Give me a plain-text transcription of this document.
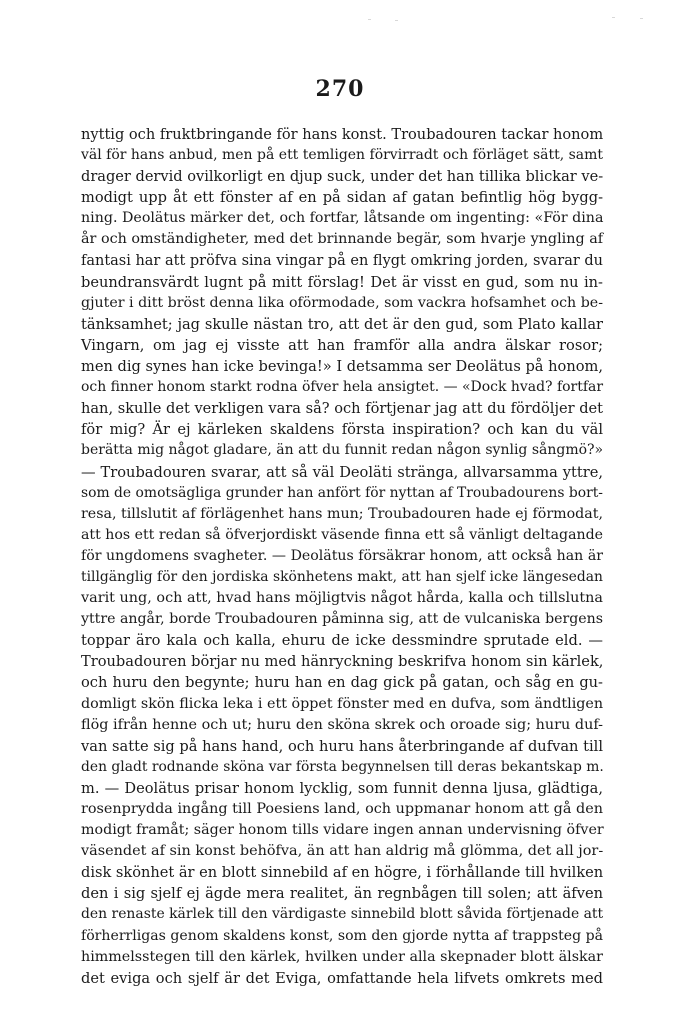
270
nyttig och fruktbringande för hans konst. Troubadouren tackar honom
väl för hans anbud, men på ett temligen förvirradt och förläget sätt, samt
drager dervid ovilkorligt en djup suck, under det han tillika blickar ve-
modigt upp åt ett fönster af en på sidan af gatan befintlig hög bygg-
ning. Deolätus märker det, och fortfar, låtsande om ingenting: «För dina
år och omständigheter, med det brinnande begär, som hvarje yngling af
fantasi har att pröfva sina vingar på en flygt omkring jorden, svarar du
beundransvärdt lugnt på mitt förslag! Det är visst en gud, som nu in-
gjuter i ditt bröst denna lika oförmodade, som vackra hofsamhet och be-
tänksamhet; jag skulle nästan tro, att det är den gud, som Plato kallar
Vingarn, om jag ej visste att han framför alla andra älskar rosor;
men dig synes han icke bevinga!» I detsamma ser Deolätus på honom,
och finner honom starkt rodna öfver hela ansigtet. — «Dock hvad? fortfar
han, skulle det verkligen vara så? och förtjenar jag att du fördöljer det
för mig? Är ej kärleken skaldens första inspiration? och kan du väl
berätta mig något gladare, än att du funnit redan någon synlig sångmö?»
— Troubadouren svarar, att så väl Deoläti stränga, allvarsamma yttre,
som de omotsägliga grunder han anfört för nyttan af Troubadourens bort-
resa, tillslutit af förlägenhet hans mun; Troubadouren hade ej förmodat,
att hos ett redan så öfverjordiskt väsende finna ett så vänligt deltagande
för ungdomens svagheter. — Deolätus försäkrar honom, att också han är
tillgänglig för den jordiska skönhetens makt, att han sjelf icke längesedan
varit ung, och att, hvad hans möjligtvis något hårda, kalla och tillslutna
yttre angår, borde Troubadouren påminna sig, att de vulcaniska bergens
toppar äro kala och kalla, ehuru de icke dessmindre sprutade eld. —
Troubadouren börjar nu med hänryckning beskrifva honom sin kärlek,
och huru den begynte; huru han en dag gick på gatan, och såg en gu-
domligt skön flicka leka i ett öppet fönster med en dufva, som ändtligen
flög ifrån henne och ut; huru den sköna skrek och oroade sig; huru duf-
van satte sig på hans hand, och huru hans återbringande af dufvan till
den gladt rodnande sköna var första begynnelsen till deras bekantskap m.
m. — Deolätus prisar honom lycklig, som funnit denna ljusa, glädtiga,
rosenprydda ingång till Poesiens land, och uppmanar honom att gå den
modigt framåt; säger honom tills vidare ingen annan undervisning öfver
väsendet af sin konst behöfva, än att han aldrig må glömma, det all jor-
disk skönhet är en blott sinnebild af en högre, i förhållande till hvilken
den i sig sjelf ej ägde mera realitet, än regnbågen till solen; att äfven
den renaste kärlek till den värdigaste sinnebild blott såvida förtjenade att
förherrligas genom skaldens konst, som den gjorde nytta af trappsteg på
himmelsstegen till den kärlek, hvilken under alla skepnader blott älskar
det eviga och sjelf är det Eviga, omfattande hela lifvets omkrets med
